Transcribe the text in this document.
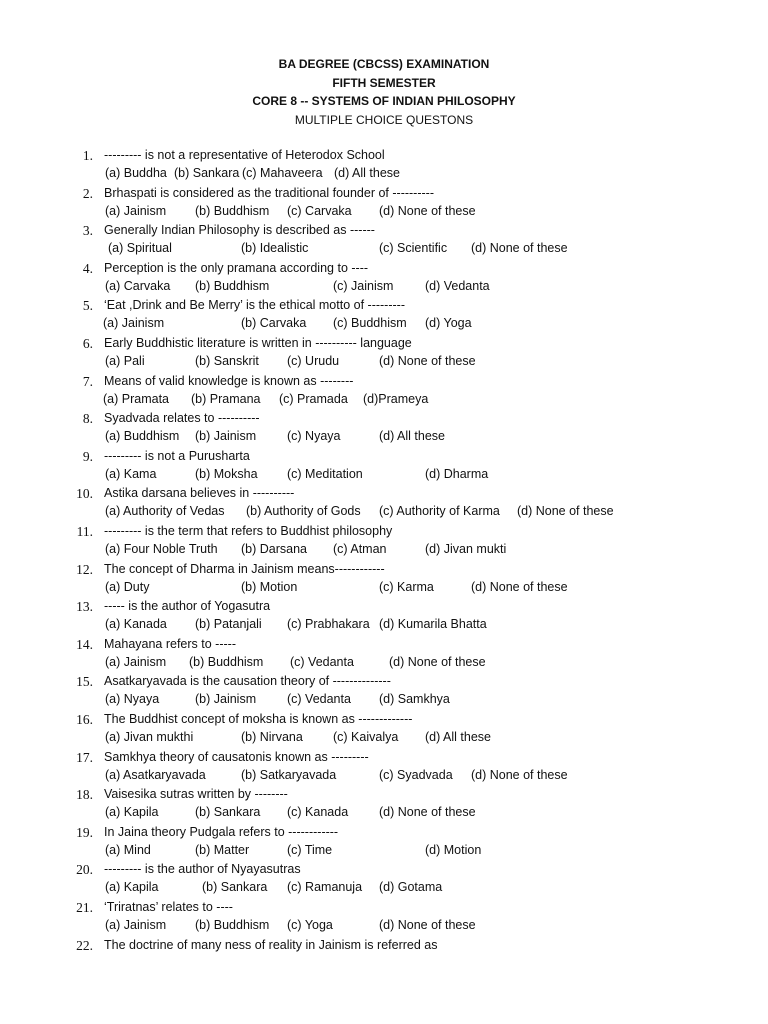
BA DEGREE (CBCSS) EXAMINATION
FIFTH SEMESTER
CORE 8 -- SYSTEMS OF INDIAN PHILOSOPHY
MULTIPLE CHOICE QUESTONS
1. --------- is not a representative of Heterodox School
(a) Buddha (b) Sankara (c) Mahaveera (d) All these
2. Brhaspati is considered as the traditional founder of ----------
(a) Jainism (b) Buddhism (c) Carvaka (d) None of these
3. Generally Indian Philosophy is described as ------
(a) Spiritual	(b) Idealistic	(c) Scientific (d) None of these
4. Perception is the only pramana according to ----
(a) Carvaka (b) Buddhism	(c) Jainism	(d) Vedanta
5. ‘Eat ,Drink and Be Merry’ is the ethical motto of ---------
(a) Jainism	(b) Carvaka (c) Buddhism (d) Yoga
6. Early Buddhistic literature is written in ---------- language
(a) Pali	(b) Sanskrit (c) Urudu	(d) None of these
7. Means of valid knowledge is known as --------
(a) Pramata (b) Pramana (c) Pramada (d)Prameya
8. Syadvada relates to ----------
(a) Buddhism (b) Jainism (c) Nyaya	(d) All these
9. --------- is not a Purusharta
(a) Kama	(b) Moksha (c) Meditation	(d) Dharma
10. Astika darsana believes in ----------
(a) Authority of Vedas (b) Authority of Gods (c) Authority of Karma (d) None of these
11. --------- is the term that refers to Buddhist philosophy
(a) Four Noble Truth (b) Darsana (c) Atman	(d) Jivan mukti
12. The concept of Dharma in Jainism means------------
(a) Duty	(b) Motion	(c) Karma	(d) None of these
13. ----- is the author of Yogasutra
(a) Kanada (b) Patanjali (c) Prabhakara (d) Kumarila Bhatta
14. Mahayana refers to -----
(a) Jainism (b) Buddhism (c) Vedanta	(d) None of these
15. Asatkaryavada is the causation theory of --------------
(a) Nyaya	(b) Jainism (c) Vedanta (d) Samkhya
16. The Buddhist concept of moksha is known as -------------
(a) Jivan mukthi	(b) Nirvana (c) Kaivalya (d) All these
17. Samkhya theory of causatonis known as ---------
(a) Asatkaryavada	(b) Satkaryavada	(c) Syadvada (d) None of these
18. Vaisesika sutras written by --------
(a) Kapila	(b) Sankara (c) Kanada (d) None of these
19. In Jaina theory Pudgala refers to ------------
(a) Mind	(b) Matter	(c) Time	(d) Motion
20. --------- is the author of Nyayasutras
(a) Kapila	(b) Sankara (c) Ramanuja (d) Gotama
21. ‘Triratnas’ relates to ----
(a) Jainism (b) Buddhism (c) Yoga	(d) None of these
22. The doctrine of many ness of reality in Jainism is referred as
